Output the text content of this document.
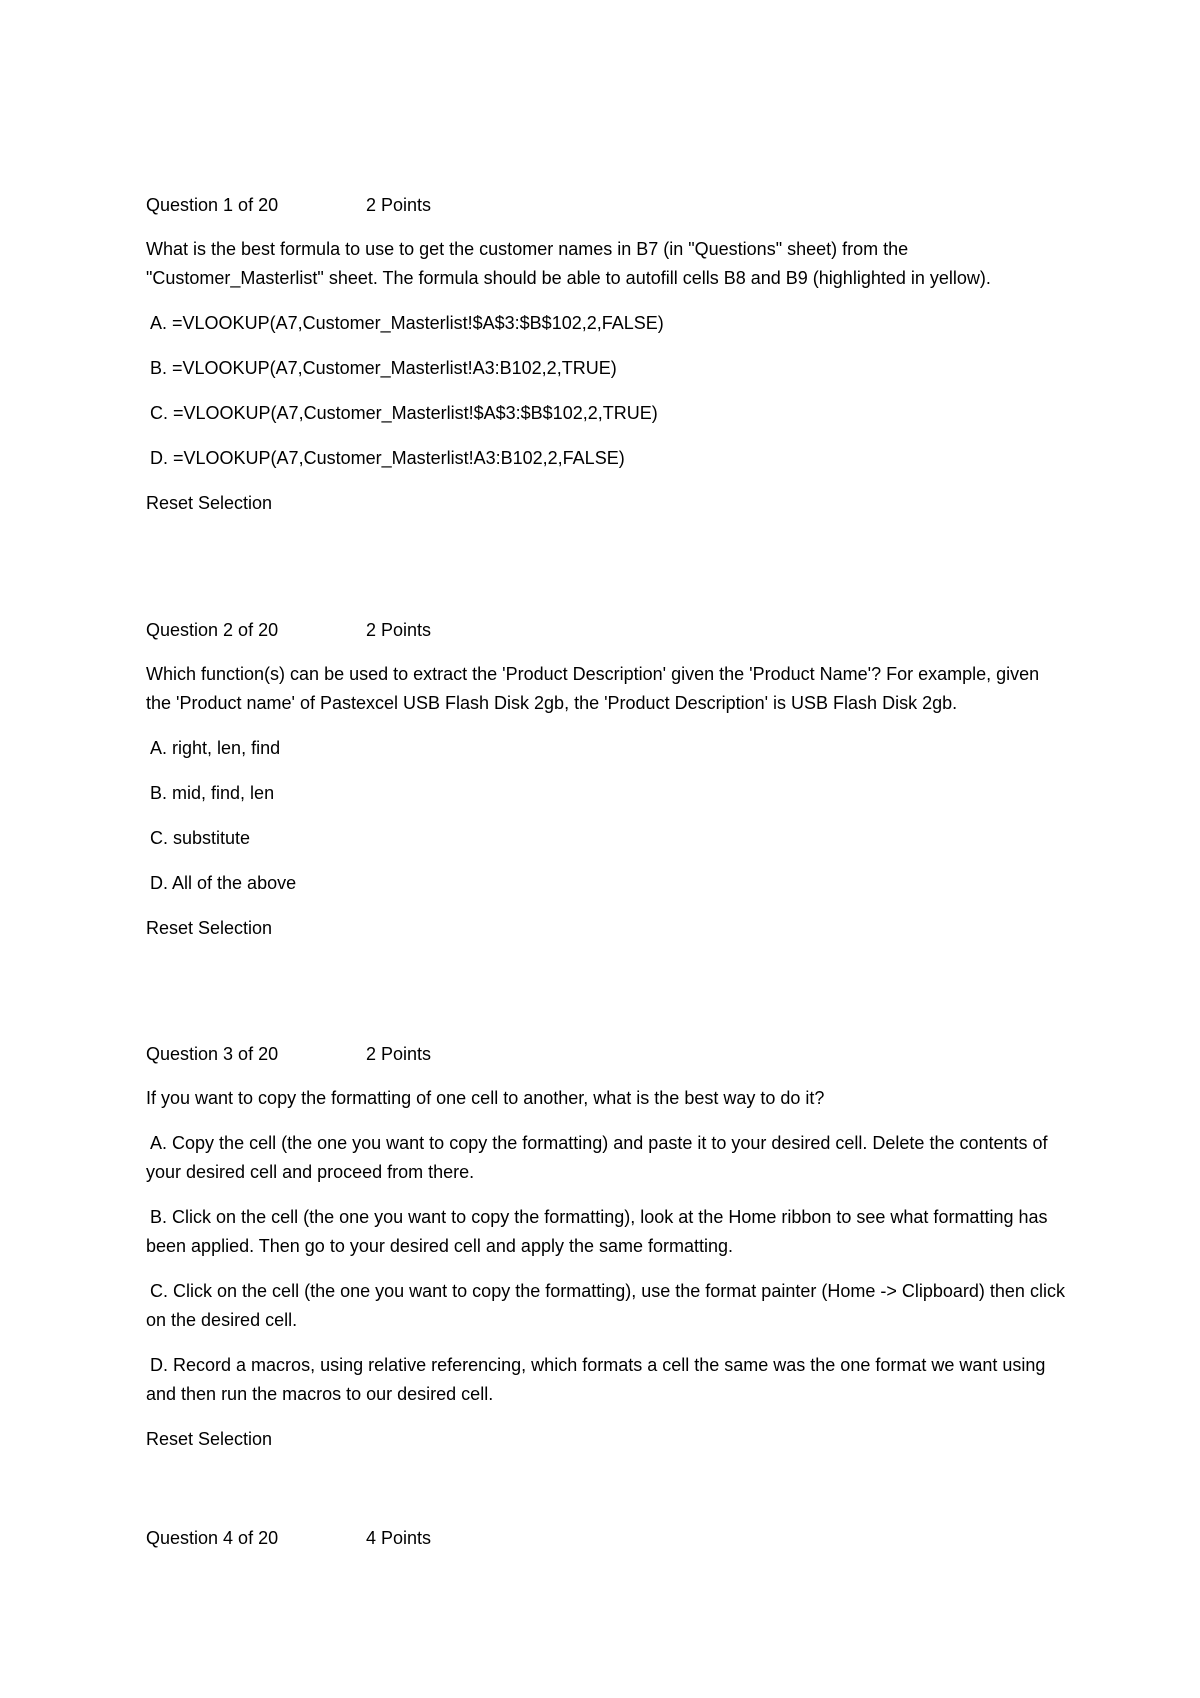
Question 1 of 20	2 Points
What is the best formula to use to get the customer names in B7 (in "Questions" sheet) from the "Customer_Masterlist" sheet. The formula should be able to autofill cells B8 and B9 (highlighted in yellow).
A. =VLOOKUP(A7,Customer_Masterlist!$A$3:$B$102,2,FALSE)
B. =VLOOKUP(A7,Customer_Masterlist!A3:B102,2,TRUE)
C. =VLOOKUP(A7,Customer_Masterlist!$A$3:$B$102,2,TRUE)
D. =VLOOKUP(A7,Customer_Masterlist!A3:B102,2,FALSE)
Reset Selection
Question 2 of 20	2 Points
Which function(s) can be used to extract the 'Product Description' given the 'Product Name'? For example, given the 'Product name' of Pastexcel USB Flash Disk 2gb, the 'Product Description' is USB Flash Disk 2gb.
A. right, len, find
B. mid, find, len
C. substitute
D. All of the above
Reset Selection
Question 3 of 20	2 Points
If you want to copy the formatting of one cell to another, what is the best way to do it?
A. Copy the cell (the one you want to copy the formatting) and paste it to your desired cell. Delete the contents of your desired cell and proceed from there.
B. Click on the cell (the one you want to copy the formatting), look at the Home ribbon to see what formatting has been applied. Then go to your desired cell and apply the same formatting.
C. Click on the cell (the one you want to copy the formatting), use the format painter (Home -> Clipboard) then click on the desired cell.
D. Record a macros, using relative referencing, which formats a cell the same was the one format we want using and then run the macros to our desired cell.
Reset Selection
Question 4 of 20	4 Points
